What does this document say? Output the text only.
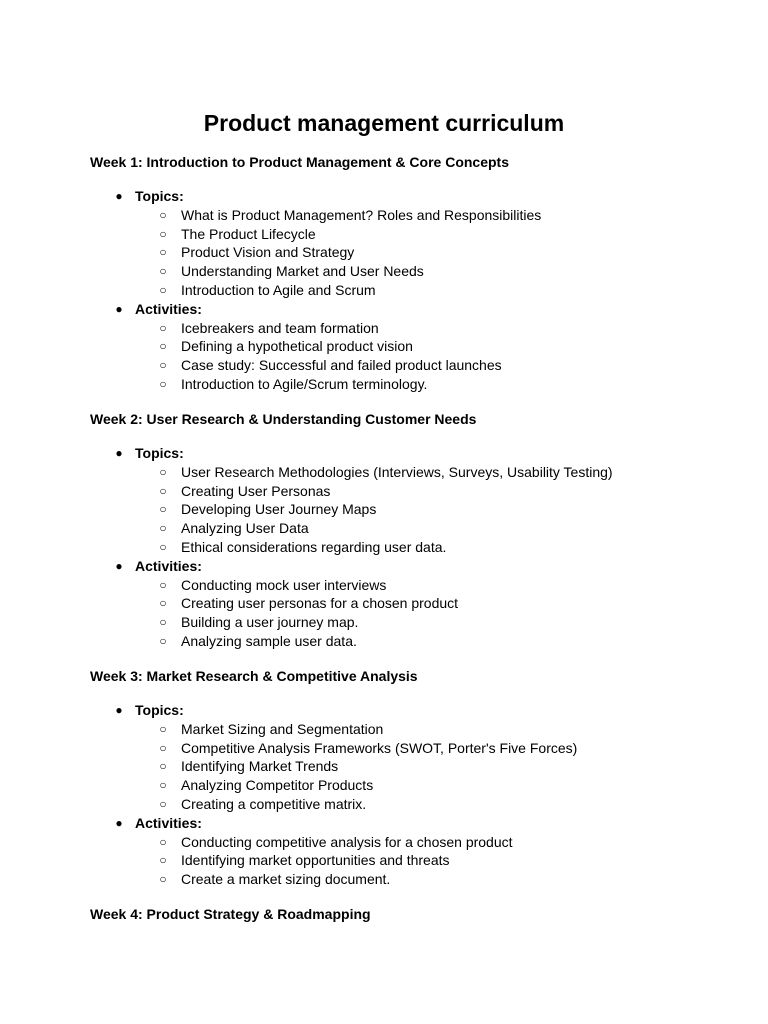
Product management curriculum
Week 1: Introduction to Product Management & Core Concepts
● Topics:
○ What is Product Management? Roles and Responsibilities
○ The Product Lifecycle
○ Product Vision and Strategy
○ Understanding Market and User Needs
○ Introduction to Agile and Scrum
● Activities:
○ Icebreakers and team formation
○ Defining a hypothetical product vision
○ Case study: Successful and failed product launches
○ Introduction to Agile/Scrum terminology.
Week 2: User Research & Understanding Customer Needs
● Topics:
○ User Research Methodologies (Interviews, Surveys, Usability Testing)
○ Creating User Personas
○ Developing User Journey Maps
○ Analyzing User Data
○ Ethical considerations regarding user data.
● Activities:
○ Conducting mock user interviews
○ Creating user personas for a chosen product
○ Building a user journey map.
○ Analyzing sample user data.
Week 3: Market Research & Competitive Analysis
● Topics:
○ Market Sizing and Segmentation
○ Competitive Analysis Frameworks (SWOT, Porter's Five Forces)
○ Identifying Market Trends
○ Analyzing Competitor Products
○ Creating a competitive matrix.
● Activities:
○ Conducting competitive analysis for a chosen product
○ Identifying market opportunities and threats
○ Create a market sizing document.
Week 4: Product Strategy & Roadmapping
